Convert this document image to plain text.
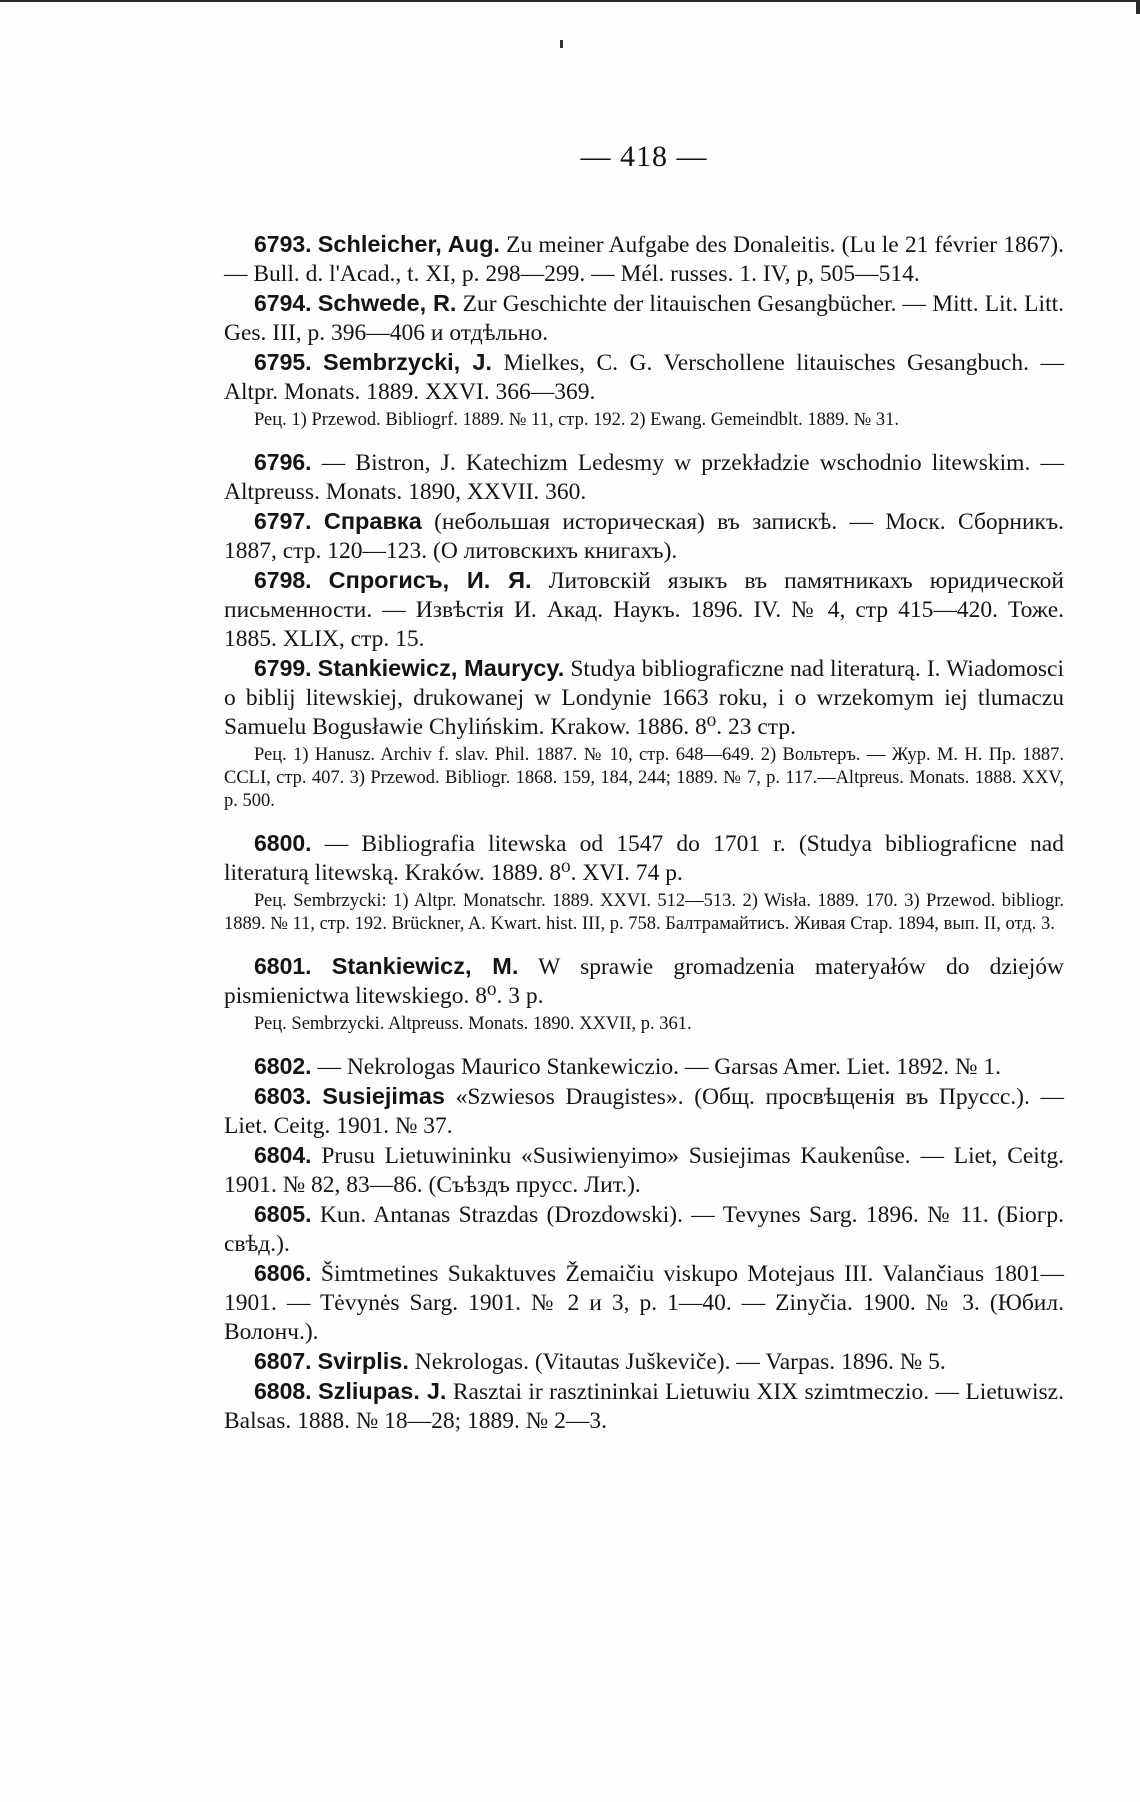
— 418 —

6793. Schleicher, Aug. Zu meiner Aufgabe des Donaleitis. (Lu le 21 février 1867). — Bull. d. l'Acad., t. XI, p. 298—299. — Mél. russes. 1. IV, p, 505—514.

6794. Schwede, R. Zur Geschichte der litauischen Gesangbücher. — Mitt. Lit. Litt. Ges. III, p. 396—406 и отдѣльно.

6795. Sembrzycki, J. Mielkes, C. G. Verschollene litauisches Gesangbuch. — Altpr. Monats. 1889. XXVI. 366—369.

Рец. 1) Przewod. Bibliogrf. 1889. № 11, стр. 192. 2) Ewang. Gemeindblt. 1889. № 31.

6796. — Bistron, J. Katechizm Ledesmy w przekładzie wschodnio litewskim. — Altpreuss. Monats. 1890, XXVII. 360.

6797. Справка (небольшая историческая) въ запискѣ. — Моск. Сборникъ. 1887, стр. 120—123. (О литовскихъ книгахъ).

6798. Спрогисъ, И. Я. Литовскій языкъ въ памятникахъ юридической письменности. — Извѣстія И. Акад. Наукъ. 1896. IV. № 4, стр 415—420. Тоже. 1885. XLIX, стр. 15.

6799. Stankiewicz, Maurycy. Studya bibliograficzne nad literaturą. I. Wiadomosci o biblij litewskiej, drukowanej w Londynie 1663 roku, i o wrzekomym iej tlumaczu Samuelu Bogusławie Chylińskim. Krakow. 1886. 8⁰. 23 стр.

Рец. 1) Hanusz. Archiv f. slav. Phil. 1887. № 10, стр. 648—649. 2) Вольтеръ. — Жур. М. Н. Пр. 1887. CCLI, стр. 407. 3) Przewod. Bibliogr. 1868. 159, 184, 244; 1889. № 7, p. 117.—Altpreus. Monats. 1888. XXV, p. 500.

6800. — Bibliografia litewska od 1547 do 1701 r. (Studya bibliograficne nad literaturą litewską. Kraków. 1889. 8⁰. XVI. 74 p.

Рец. Sembrzycki: 1) Altpr. Monatschr. 1889. XXVI. 512—513. 2) Wisła. 1889. 170. 3) Przewod. bibliogr. 1889. № 11, стр. 192. Brückner, A. Kwart. hist. III, p. 758. Балтрамайтисъ. Живая Стар. 1894, вып. II, отд. 3.

6801. Stankiewicz, M. W sprawie gromadzenia materyałów do dziejów pismienictwa litewskiego. 8⁰. 3 p.

Рец. Sembrzycki. Altpreuss. Monats. 1890. XXVII, p. 361.

6802. — Nekrologas Maurico Stankewiczio. — Garsas Amer. Liet. 1892. № 1.

6803. Susiejimas «Szwiesos Draugistes». (Общ. просвѣщенія въ Пруссс.). — Liet. Ceitg. 1901. № 37.

6804. Prusu Lietuwininku «Susiwienyimo» Susiejimas Kaukenûse. — Liet, Ceitg. 1901. № 82, 83—86. (Съѣздъ прусс. Лит.).

6805. Kun. Antanas Strazdas (Drozdowski). — Tevynes Sarg. 1896. № 11. (Біогр. свѣд.).

6806. Šimtmetines Sukaktuves Žemaičiu viskupo Motejaus III. Valančiaus 1801—1901. — Tėvynės Sarg. 1901. № 2 и 3, p. 1—40. — Zinyčia. 1900. № 3. (Юбил. Волонч.).

6807. Svirplis. Nekrologas. (Vitautas Juškeviče). — Varpas. 1896. № 5.

6808. Szliupas. J. Rasztai ir rasztininkai Lietuwiu XIX szimtmeczio. — Lietuwisz. Balsas. 1888. № 18—28; 1889. № 2—3.
